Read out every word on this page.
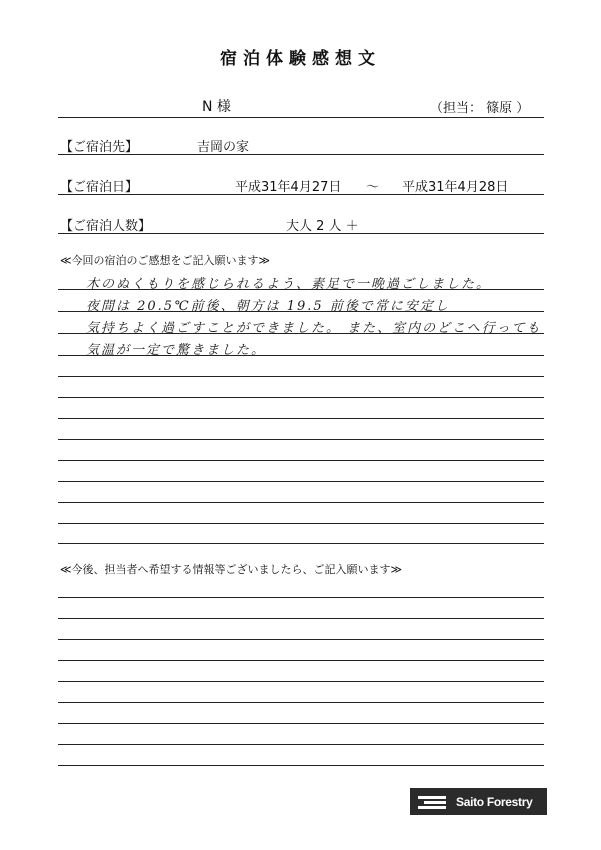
宿泊体験感想文
N 様	（担当： 篠原 ）
【ご宿泊先】	吉岡の家
【ご宿泊日】	平成31年4月27日 ～ 平成31年4月28日
【ご宿泊人数】	大人 2 人 ＋
≪今回の宿泊のご感想をご記入願います≫
木のぬくもりを感じられるよう、素足で一晩過ごしました。
夜間は 20.5℃前後、朝方は 19.5 前後で常に安定し
気持ちよく過ごすことができました。 また、室内のどこへ行っても
気温が一定で驚きました。
≪今後、担当者へ希望する情報等ございましたら、ご記入願います≫
Saito Forestry
